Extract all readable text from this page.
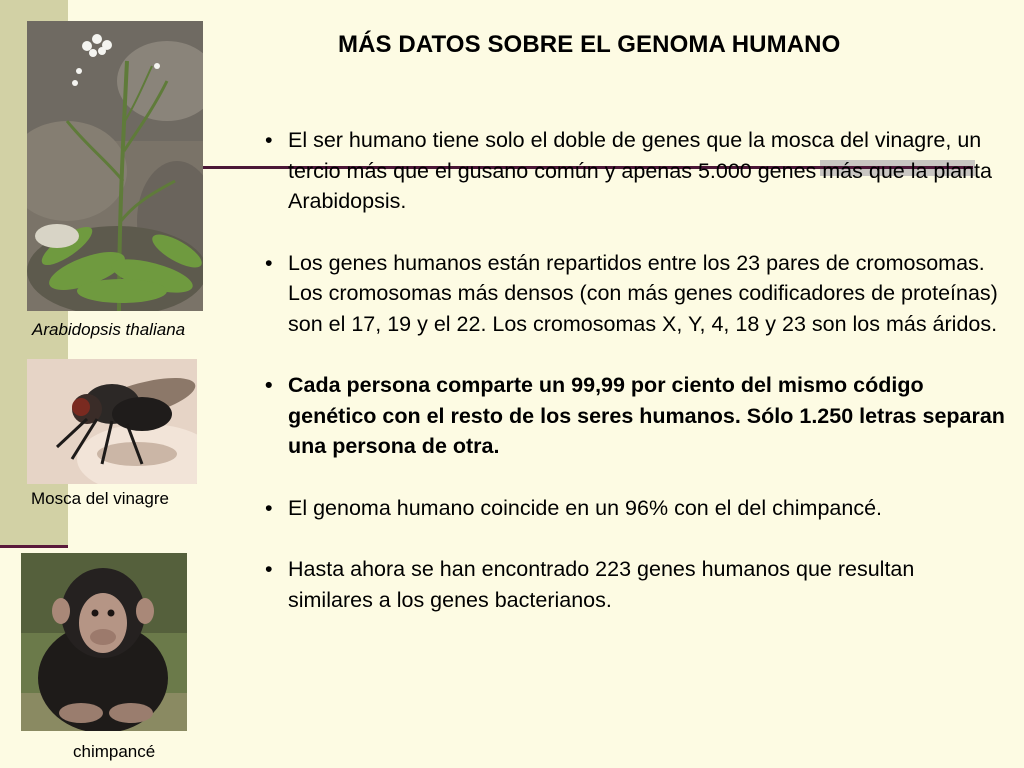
Arabidopsis thaliana
Mosca del vinagre
chimpancé
MÁS DATOS SOBRE EL GENOMA HUMANO
• El ser humano tiene solo el doble de genes que la mosca del vinagre, un tercio más que el gusano común y apenas 5.000 genes más que la planta Arabidopsis.
• Los genes humanos están repartidos entre los 23 pares de cromosomas. Los cromosomas más densos (con más genes codificadores de proteínas) son el 17, 19 y el 22. Los cromosomas X, Y, 4, 18 y 23 son los más áridos.
• Cada persona comparte un 99,99 por ciento del mismo código genético con el resto de los seres humanos. Sólo 1.250 letras separan una persona de otra.
• El genoma humano coincide en un 96% con el del chimpancé.
• Hasta ahora se han encontrado 223 genes humanos que resultan similares a los genes bacterianos.
